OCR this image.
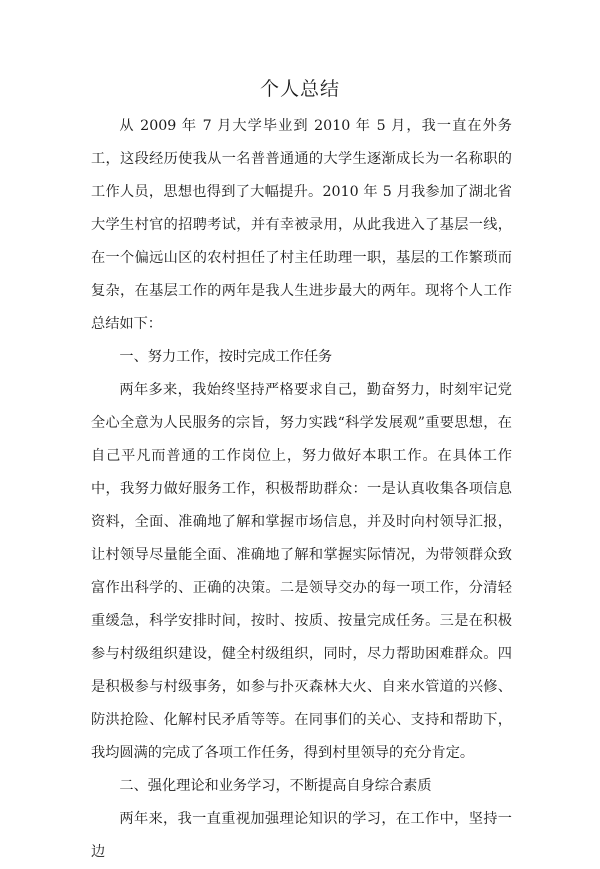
个人总结

从 2009 年 7 月大学毕业到 2010 年 5 月，我一直在外务工，这段经历使我从一名普普通通的大学生逐渐成长为一名称职的工作人员，思想也得到了大幅提升。2010 年 5 月我参加了湖北省大学生村官的招聘考试，并有幸被录用，从此我进入了基层一线，在一个偏远山区的农村担任了村主任助理一职，基层的工作繁琐而复杂，在基层工作的两年是我人生进步最大的两年。现将个人工作总结如下：

一、努力工作，按时完成工作任务

两年多来，我始终坚持严格要求自己，勤奋努力，时刻牢记党全心全意为人民服务的宗旨，努力实践“科学发展观”重要思想，在自己平凡而普通的工作岗位上，努力做好本职工作。在具体工作中，我努力做好服务工作，积极帮助群众：一是认真收集各项信息资料，全面、准确地了解和掌握市场信息，并及时向村领导汇报，让村领导尽量能全面、准确地了解和掌握实际情况，为带领群众致富作出科学的、正确的决策。二是领导交办的每一项工作，分清轻重缓急，科学安排时间，按时、按质、按量完成任务。三是在积极参与村级组织建设，健全村级组织，同时，尽力帮助困难群众。四是积极参与村级事务，如参与扑灭森林大火、自来水管道的兴修、防洪抢险、化解村民矛盾等等。在同事们的关心、支持和帮助下，我均圆满的完成了各项工作任务，得到村里领导的充分肯定。

二、强化理论和业务学习，不断提高自身综合素质

两年来，我一直重视加强理论知识的学习，在工作中，坚持一边
